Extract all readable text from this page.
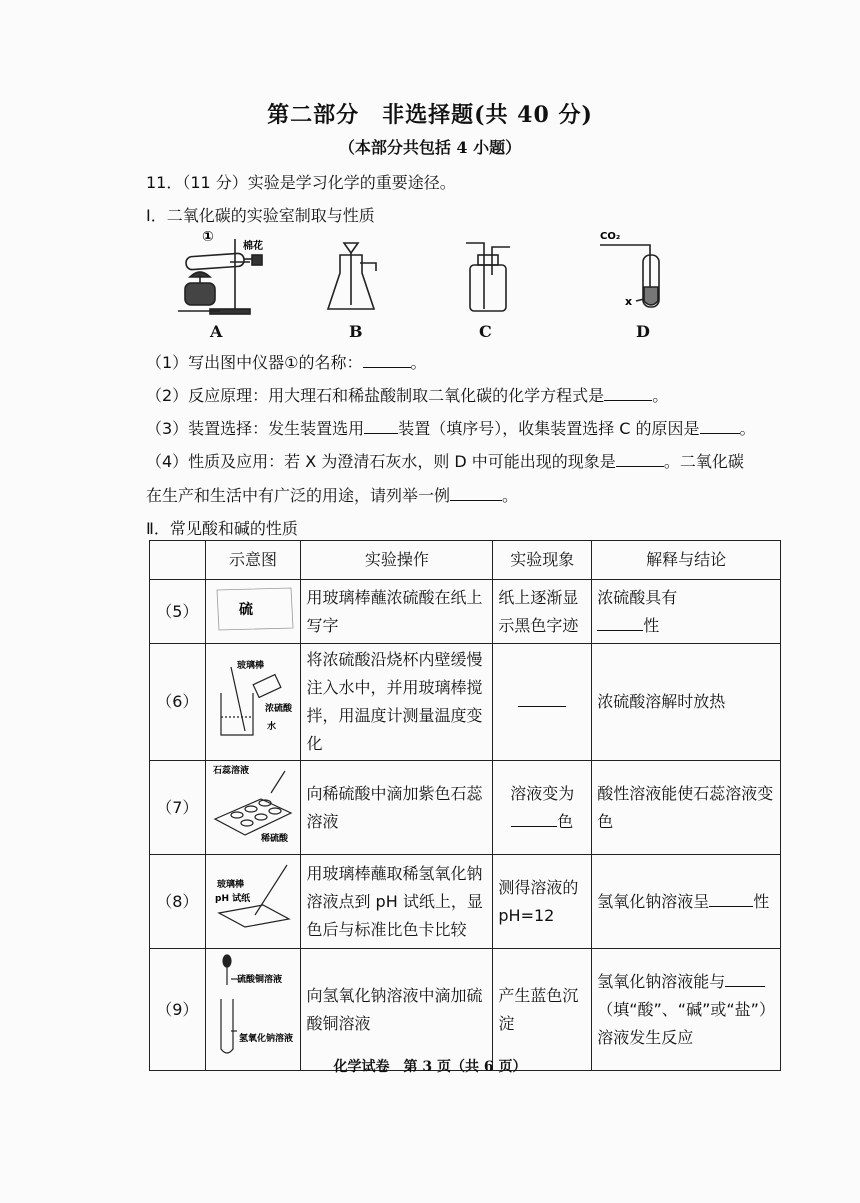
第二部分　非选择题(共 40 分)
（本部分共包括 4 小题）
11．（11 分）实验是学习化学的重要途径。
Ⅰ．二氧化碳的实验室制取与性质
①
棉花
CO₂
x
A	B	C	D
（1）写出图中仪器①的名称：	。
（2）反应原理：用大理石和稀盐酸制取二氧化碳的化学方程式是	。
（3）装置选择：发生装置选用 装置（填序号），收集装置选择 C 的原因是	。
（4）性质及应用：若 X 为澄清石灰水，则 D 中可能出现的现象是	。二氧化碳
在生产和生活中有广泛的用途，请列举一例	。
Ⅱ．常见酸和碱的性质
	示意图	实验操作	实验现象	解释与结论
（5）	硫	用玻璃棒蘸浓硫酸在纸上写字	纸上逐渐显示黑色字迹	浓硫酸具有
性
（6）	玻璃棒
浓硫酸
水	将浓硫酸沿烧杯内壁缓慢注入水中，并用玻璃棒搅拌，用温度计测量温度变化		浓硫酸溶解时放热
（7）	石蕊溶液
稀硫酸	向稀硫酸中滴加紫色石蕊溶液	溶液变为
色	酸性溶液能使石蕊溶液变色
（8）	玻璃棒
pH 试纸	用玻璃棒蘸取稀氢氧化钠溶液点到 pH 试纸上，显色后与标准比色卡比较	测得溶液的 pH=12	氢氧化钠溶液呈 性
（9）	硫酸铜溶液
氢氧化钠溶液	向氢氧化钠溶液中滴加硫酸铜溶液	产生蓝色沉淀	氢氧化钠溶液能与（填“酸”、“碱”或“盐”）溶液发生反应
化学试卷　第 3 页（共 6 页）
